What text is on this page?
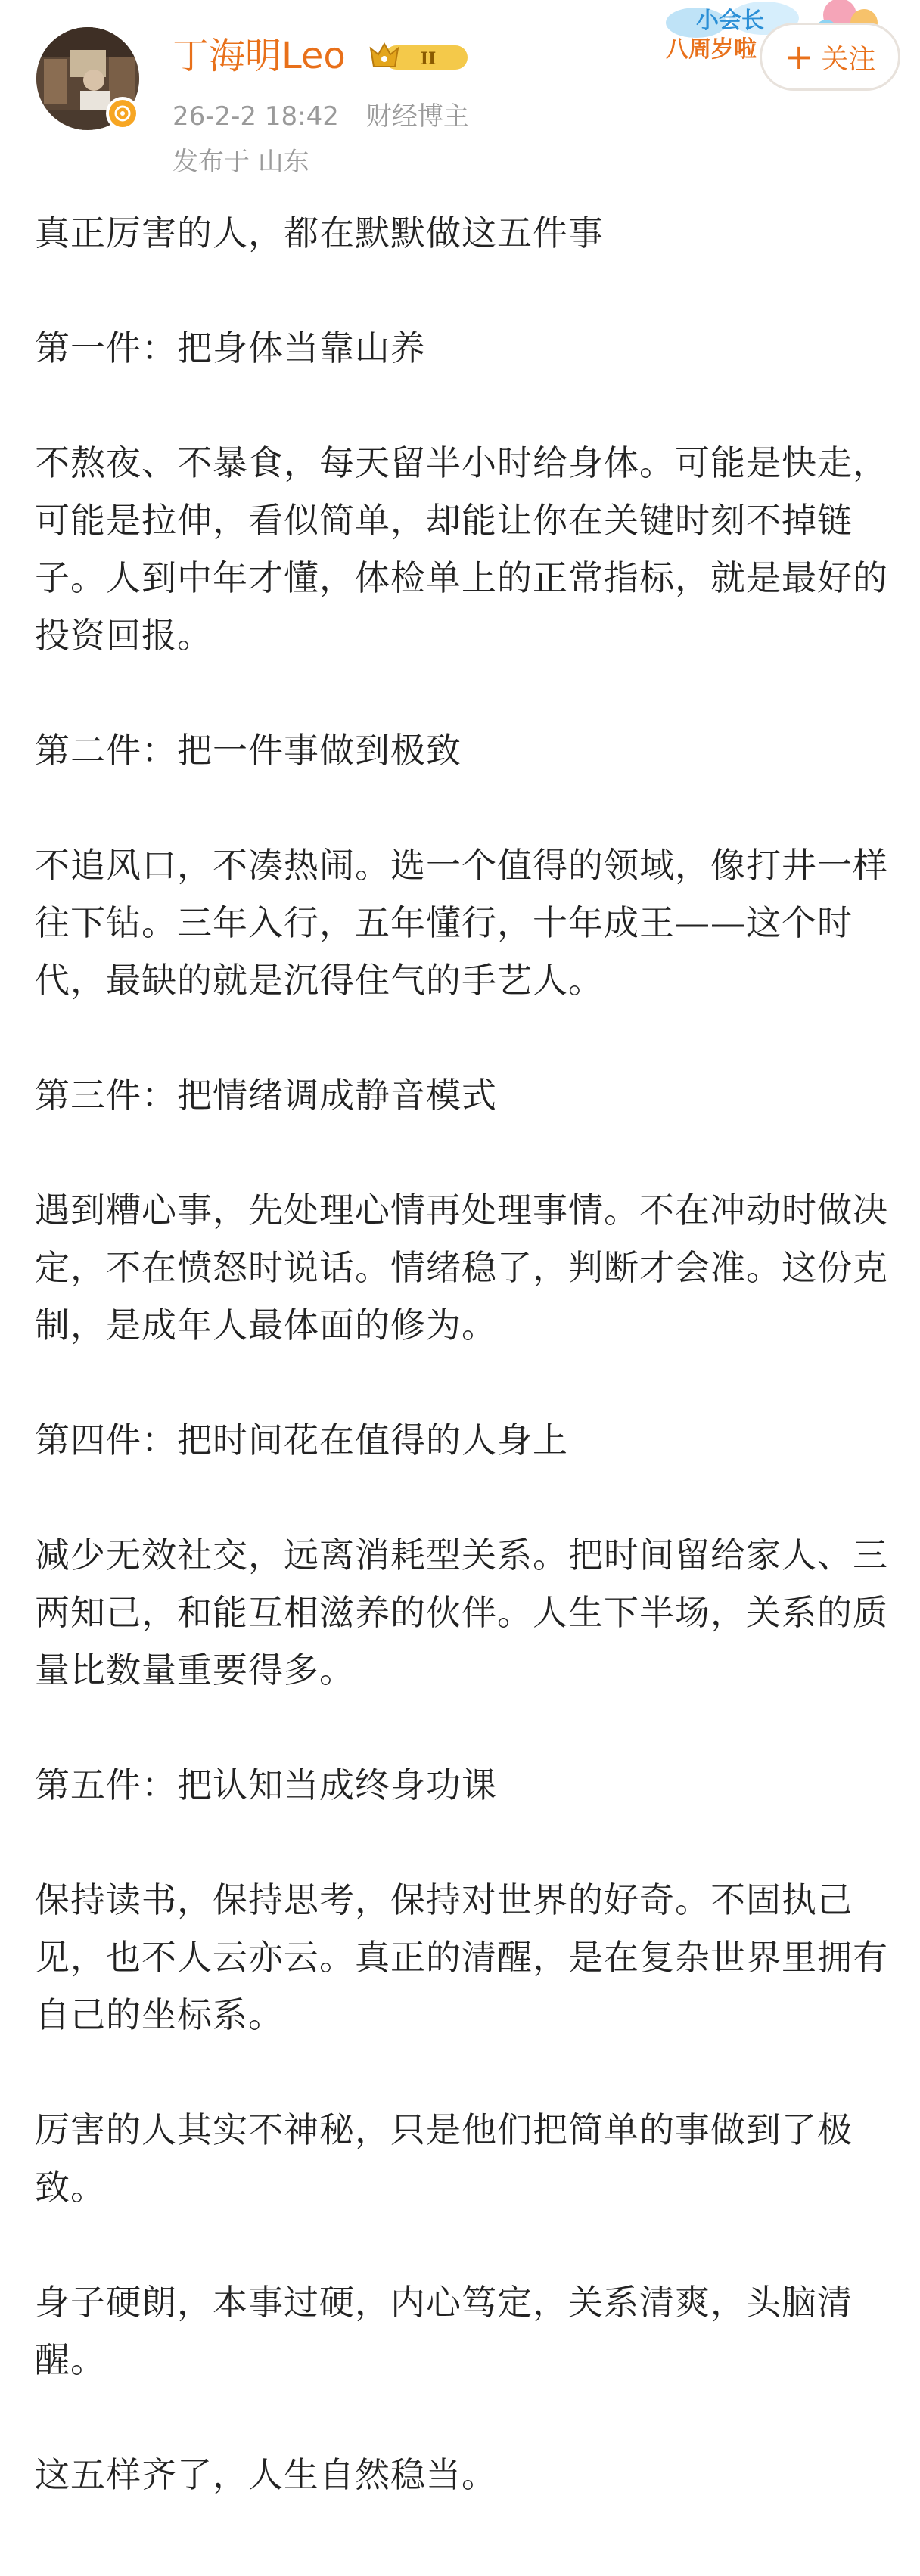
丁海明Leo	II
26-2-2 18:42 财经博主
发布于 山东
小会长
八周岁啦 + 关注

真正厉害的人，都在默默做这五件事

第一件：把身体当靠山养

不熬夜、不暴食，每天留半小时给身体。可能是快走，可能是拉伸，看似简单，却能让你在关键时刻不掉链子。人到中年才懂，体检单上的正常指标，就是最好的投资回报。

第二件：把一件事做到极致

不追风口，不凑热闹。选一个值得的领域，像打井一样往下钻。三年入行，五年懂行，十年成王——这个时代，最缺的就是沉得住气的手艺人。

第三件：把情绪调成静音模式

遇到糟心事，先处理心情再处理事情。不在冲动时做决定，不在愤怒时说话。情绪稳了，判断才会准。这份克制，是成年人最体面的修为。

第四件：把时间花在值得的人身上

减少无效社交，远离消耗型关系。把时间留给家人、三两知己，和能互相滋养的伙伴。人生下半场，关系的质量比数量重要得多。

第五件：把认知当成终身功课

保持读书，保持思考，保持对世界的好奇。不固执己见，也不人云亦云。真正的清醒，是在复杂世界里拥有自己的坐标系。

厉害的人其实不神秘，只是他们把简单的事做到了极致。

身子硬朗，本事过硬，内心笃定，关系清爽，头脑清醒。

这五样齐了，人生自然稳当。
